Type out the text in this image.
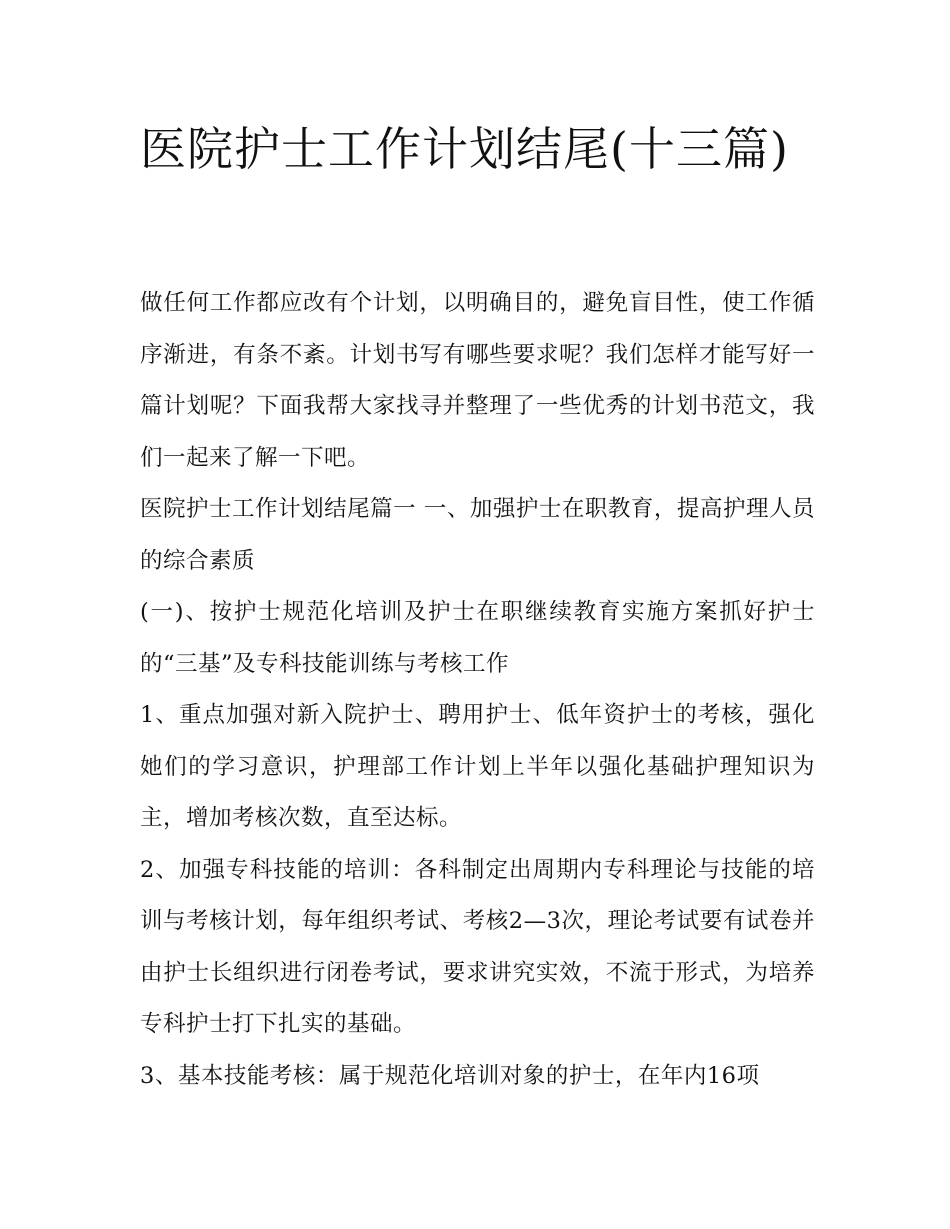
医院护士工作计划结尾(十三篇)

做任何工作都应改有个计划，以明确目的，避免盲目性，使工作循序渐进，有条不紊。计划书写有哪些要求呢？我们怎样才能写好一篇计划呢？下面我帮大家找寻并整理了一些优秀的计划书范文，我们一起来了解一下吧。

医院护士工作计划结尾篇一 一、加强护士在职教育，提高护理人员的综合素质

(一)、按护士规范化培训及护士在职继续教育实施方案抓好护士的“三基”及专科技能训练与考核工作

1、重点加强对新入院护士、聘用护士、低年资护士的考核，强化她们的学习意识，护理部工作计划上半年以强化基础护理知识为主，增加考核次数，直至达标。

2、加强专科技能的培训：各科制定出周期内专科理论与技能的培训与考核计划，每年组织考试、考核2—3次，理论考试要有试卷并由护士长组织进行闭卷考试，要求讲究实效，不流于形式，为培养专科护士打下扎实的基础。

3、基本技能考核：属于规范化培训对象的护士，在年内16项
